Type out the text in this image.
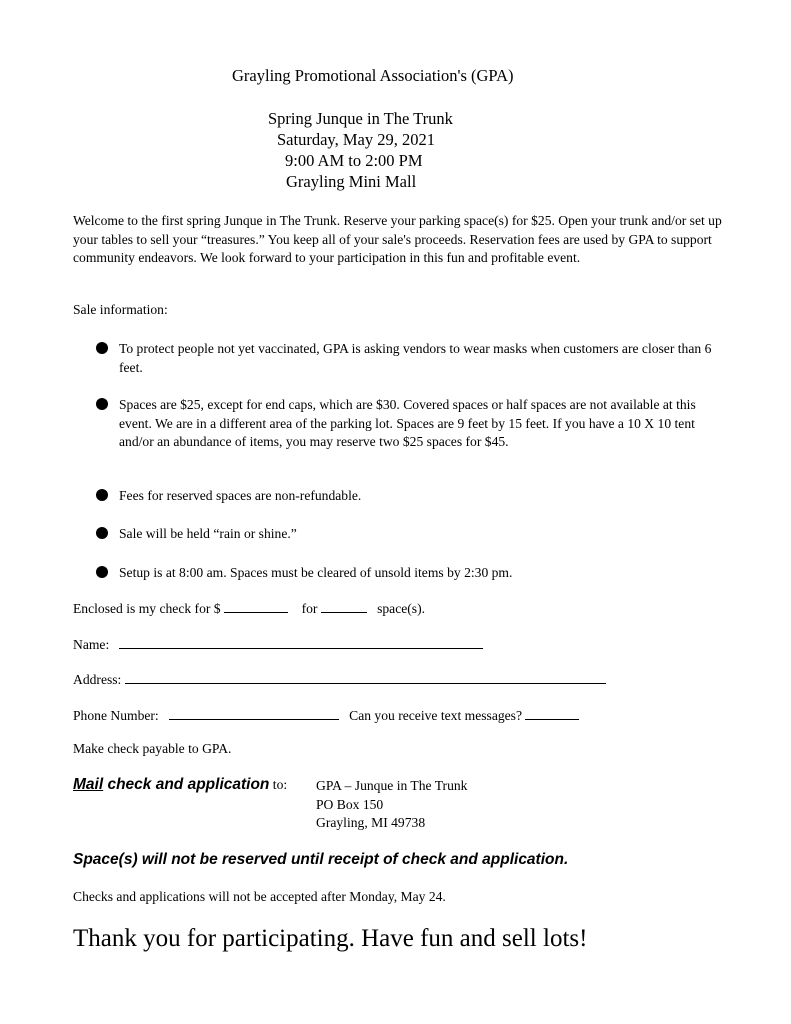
Grayling Promotional Association's (GPA)
Spring Junque in The Trunk
Saturday, May 29, 2021
9:00 AM to 2:00 PM
Grayling Mini Mall
Welcome to the first spring Junque in The Trunk. Reserve your parking space(s) for $25. Open your trunk and/or set up your tables to sell your “treasures.” You keep all of your sale's proceeds. Reservation fees are used by GPA to support community endeavors. We look forward to your participation in this fun and profitable event.
Sale information:
To protect people not yet vaccinated, GPA is asking vendors to wear masks when customers are closer than 6 feet.
Spaces are $25, except for end caps, which are $30. Covered spaces or half spaces are not available at this event. We are in a different area of the parking lot. Spaces are 9 feet by 15 feet. If you have a 10 X 10 tent and/or an abundance of items, you may reserve two $25 spaces for $45.
Fees for reserved spaces are non-refundable.
Sale will be held “rain or shine.”
Setup is at 8:00 am. Spaces must be cleared of unsold items by 2:30 pm.
Enclosed is my check for $	for	space(s).
Name:
Address:
Phone Number:	Can you receive text messages?
Make check payable to GPA.
Mail check and application to: GPA – Junque in The Trunk
PO Box 150
Grayling, MI 49738
Space(s) will not be reserved until receipt of check and application.
Checks and applications will not be accepted after Monday, May 24.
Thank you for participating. Have fun and sell lots!
